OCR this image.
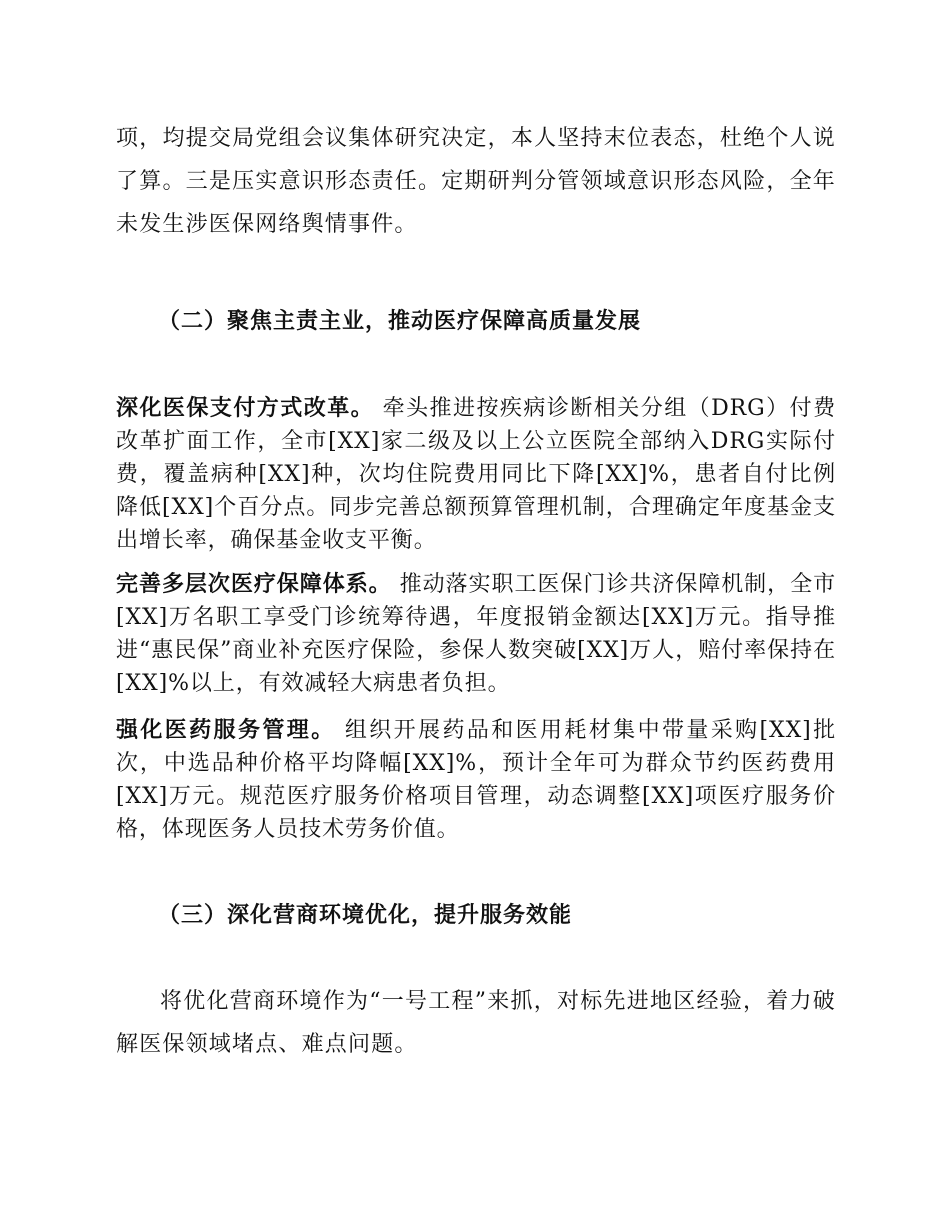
项，均提交局党组会议集体研究决定，本人坚持末位表态，杜绝个人说了算。三是压实意识形态责任。定期研判分管领域意识形态风险，全年未发生涉医保网络舆情事件。

（二）聚焦主责主业，推动医疗保障高质量发展

深化医保支付方式改革。 牵头推进按疾病诊断相关分组（DRG）付费改革扩面工作，全市[XX]家二级及以上公立医院全部纳入DRG实际付费，覆盖病种[XX]种，次均住院费用同比下降[XX]%，患者自付比例降低[XX]个百分点。同步完善总额预算管理机制，合理确定年度基金支出增长率，确保基金收支平衡。

完善多层次医疗保障体系。 推动落实职工医保门诊共济保障机制，全市[XX]万名职工享受门诊统筹待遇，年度报销金额达[XX]万元。指导推进“惠民保”商业补充医疗保险，参保人数突破[XX]万人，赔付率保持在[XX]%以上，有效减轻大病患者负担。

强化医药服务管理。 组织开展药品和医用耗材集中带量采购[XX]批次，中选品种价格平均降幅[XX]%，预计全年可为群众节约医药费用[XX]万元。规范医疗服务价格项目管理，动态调整[XX]项医疗服务价格，体现医务人员技术劳务价值。

（三）深化营商环境优化，提升服务效能

将优化营商环境作为“一号工程”来抓，对标先进地区经验，着力破解医保领域堵点、难点问题。
